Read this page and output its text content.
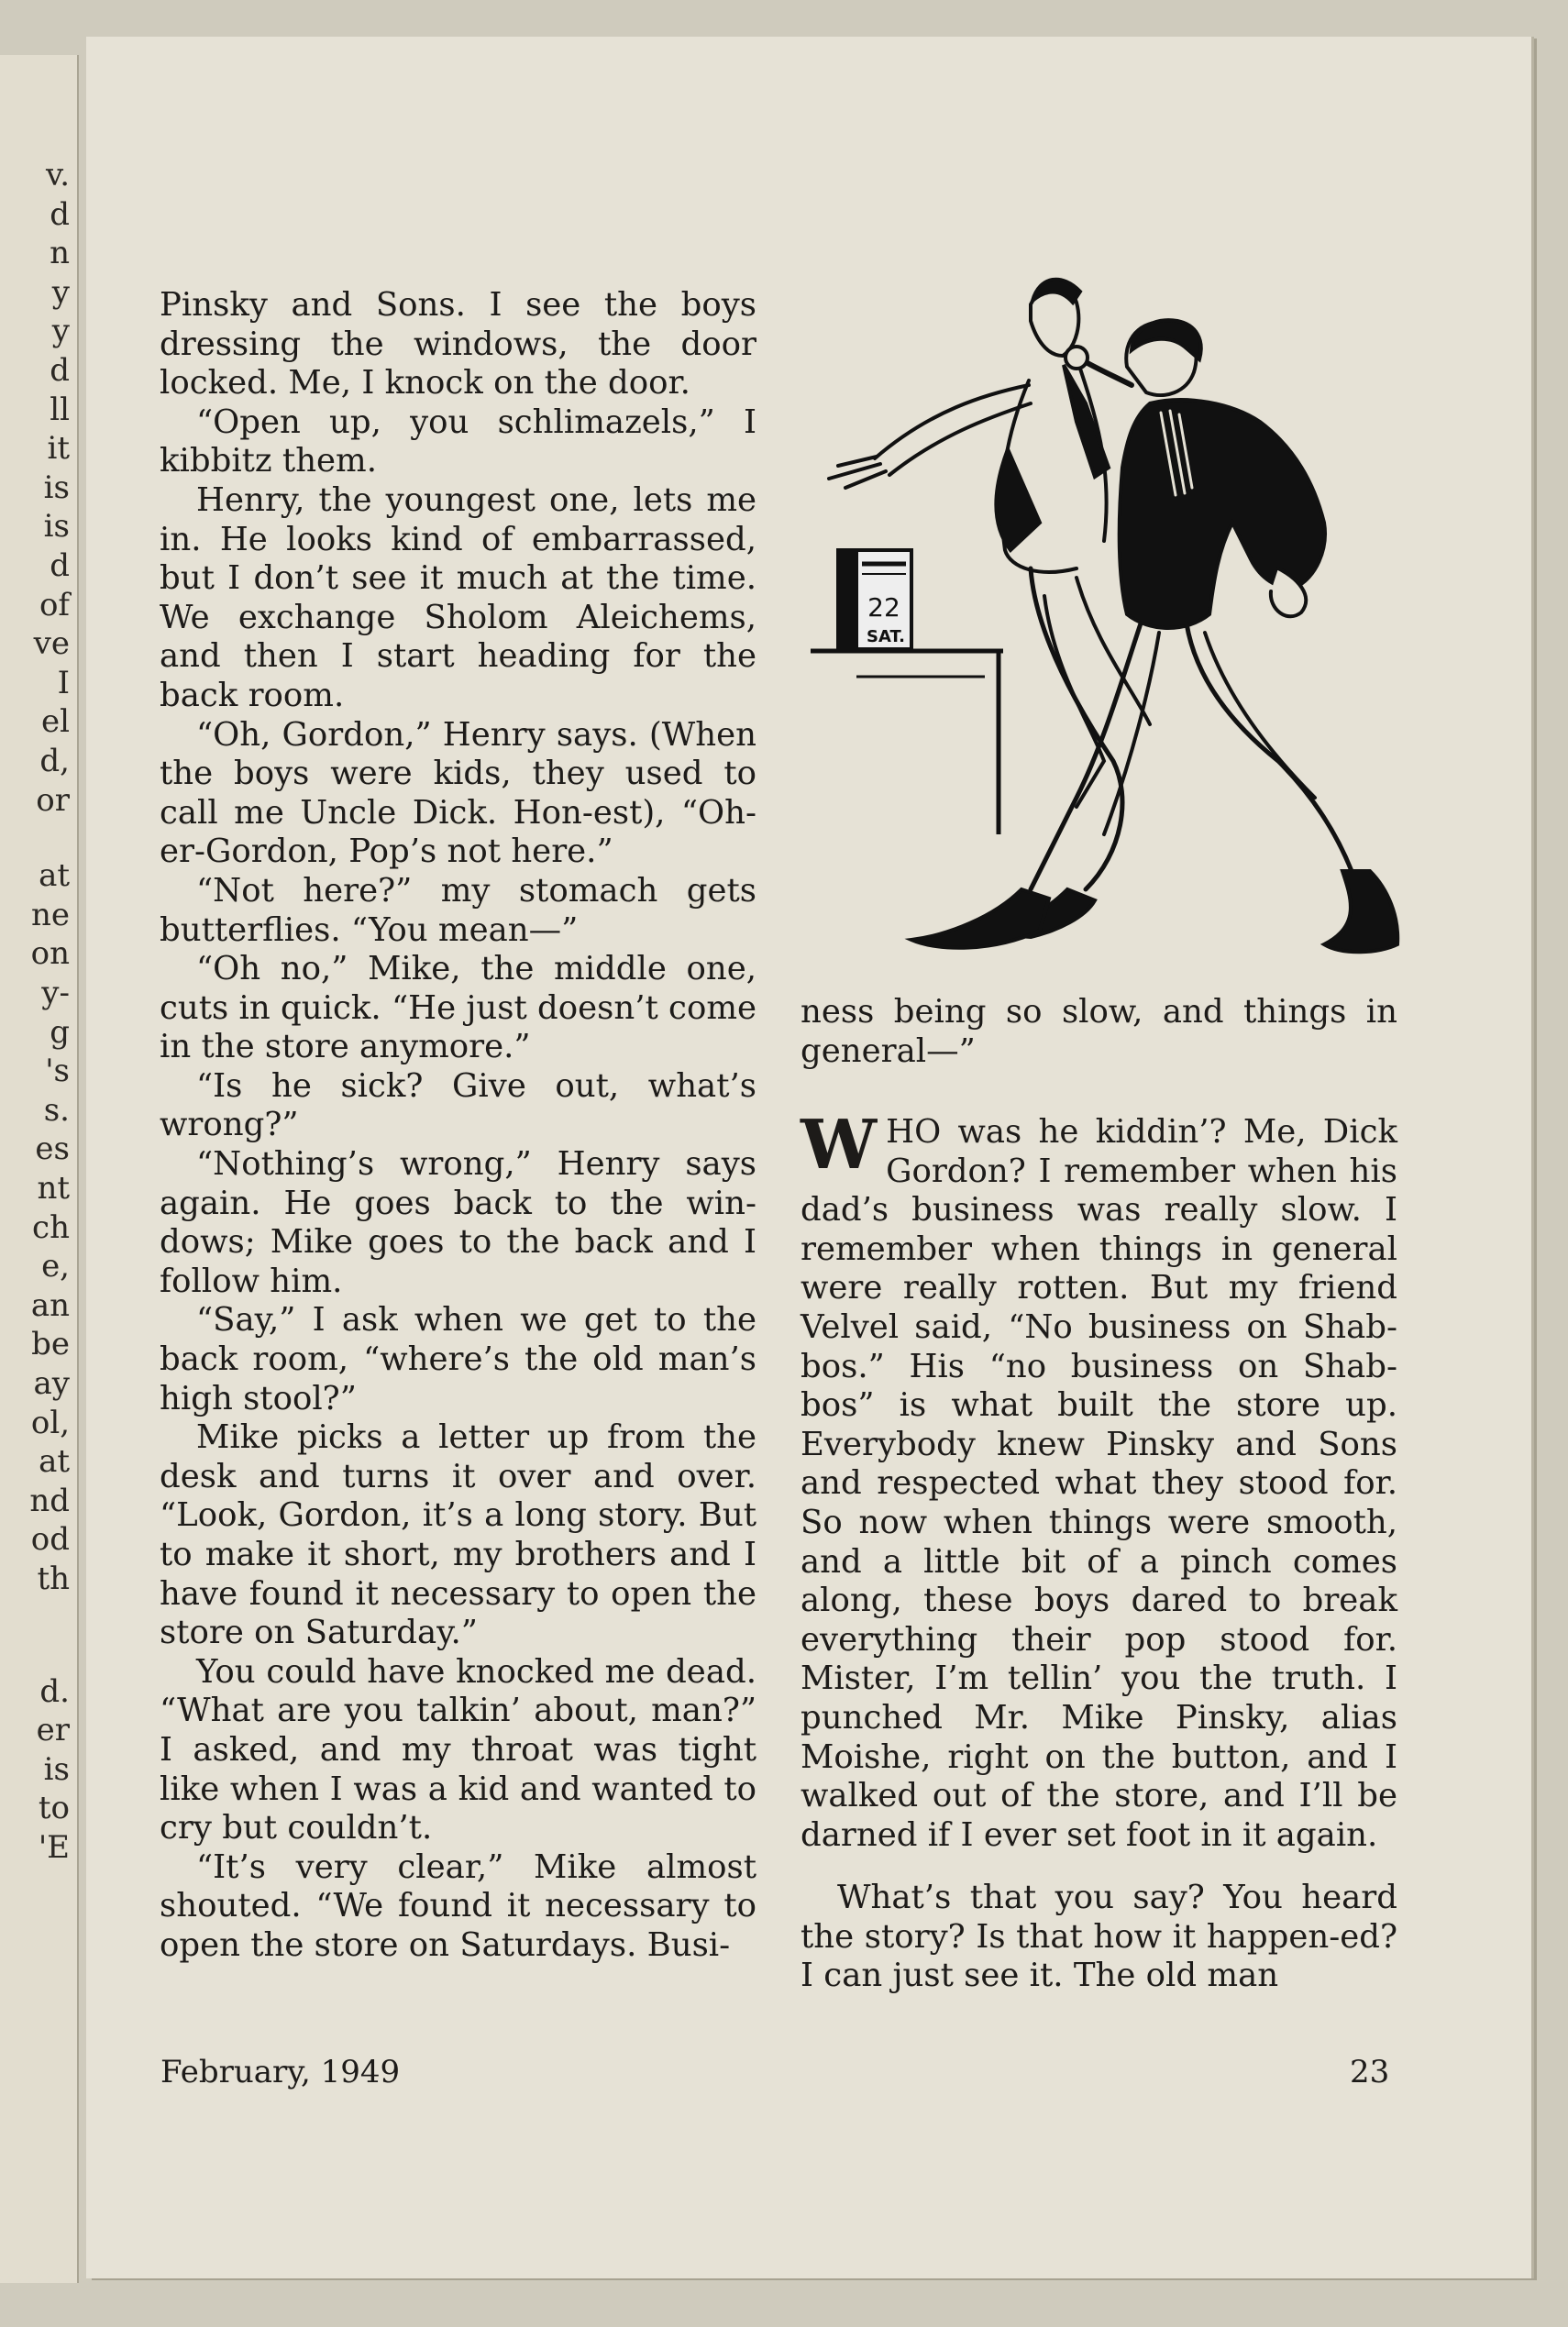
v.
d
n
y
y
d
ll
it
is
is
d
of
ve
I
el
d,
or
at
ne
on
y-
g
's
s.
es
nt
ch
e,
an
be
ay
ol,
at
nd
od
th
d.
er
is
to
'E

Pinsky and Sons. I see the boys dressing the windows, the door locked. Me, I knock on the door.

“Open up, you schlimazels,” I kibbitz them.

Henry, the youngest one, lets me in. He looks kind of embarrassed, but I don’t see it much at the time. We exchange Sholom Aleichems, and then I start heading for the back room.

“Oh, Gordon,” Henry says. (When the boys were kids, they used to call me Uncle Dick. Hon-est), “Oh-er-Gordon, Pop’s not here.”

“Not here?” my stomach gets butterflies. “You mean—”

“Oh no,” Mike, the middle one, cuts in quick. “He just doesn’t come in the store anymore.”

“Is he sick? Give out, what’s wrong?”

“Nothing’s wrong,” Henry says again. He goes back to the win-dows; Mike goes to the back and I follow him.

“Say,” I ask when we get to the back room, “where’s the old man’s high stool?”

Mike picks a letter up from the desk and turns it over and over. “Look, Gordon, it’s a long story. But to make it short, my brothers and I have found it necessary to open the store on Saturday.”

You could have knocked me dead. “What are you talkin’ about, man?” I asked, and my throat was tight like when I was a kid and wanted to cry but couldn’t.

“It’s very clear,” Mike almost shouted. “We found it necessary to open the store on Saturdays. Busi-

22
SAT.

ness being so slow, and things in general—”

WHO was he kiddin’? Me, Dick Gordon? I remember when his dad’s business was really slow. I remember when things in general were really rotten. But my friend Velvel said, “No business on Shab-bos.” His “no business on Shab-bos” is what built the store up. Everybody knew Pinsky and Sons and respected what they stood for. So now when things were smooth, and a little bit of a pinch comes along, these boys dared to break everything their pop stood for. Mister, I’m tellin’ you the truth. I punched Mr. Mike Pinsky, alias Moishe, right on the button, and I walked out of the store, and I’ll be darned if I ever set foot in it again.

What’s that you say? You heard the story? Is that how it happen-ed? I can just see it. The old man

February, 1949	23
